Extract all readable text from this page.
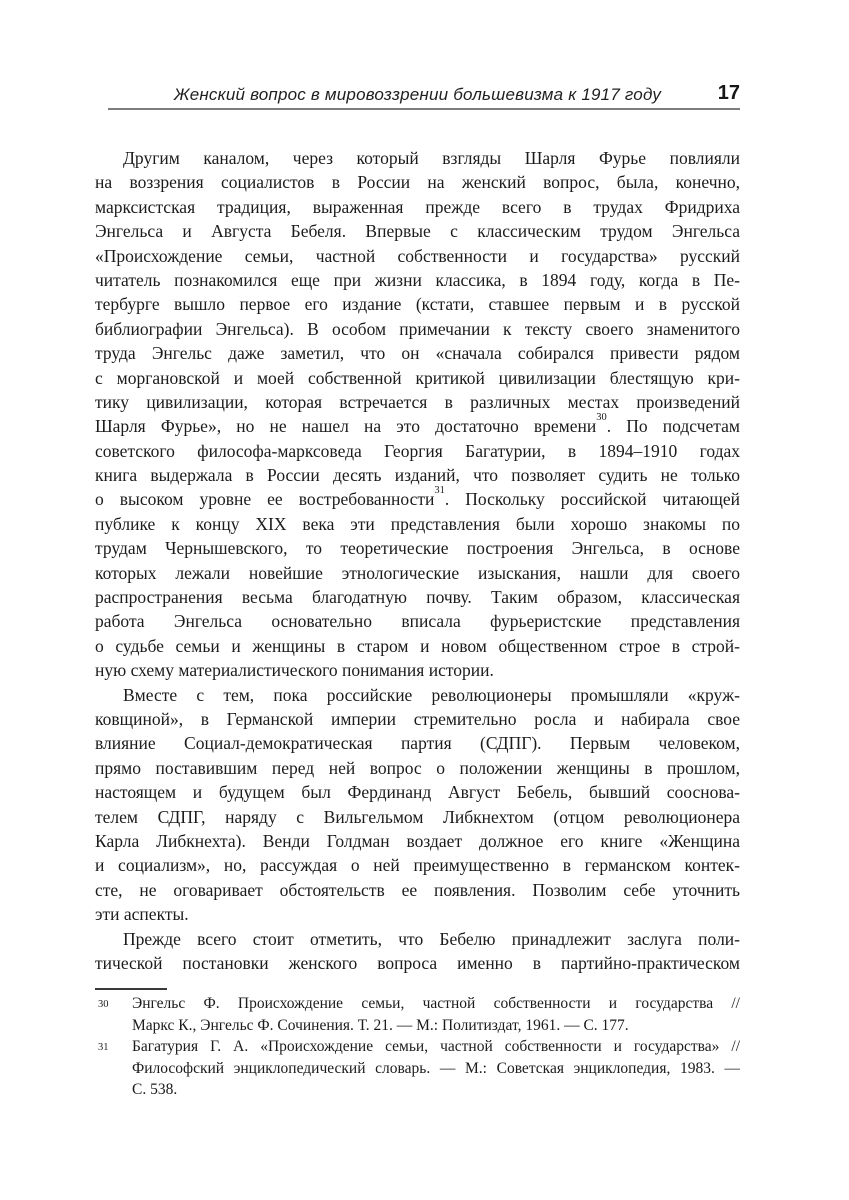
Женский вопрос в мировоззрении большевизма к 1917 году	17
Другим каналом, через который взгляды Шарля Фурье повлияли
на воззрения социалистов в России на женский вопрос, была, конечно,
марксистская традиция, выраженная прежде всего в трудах Фридриха
Энгельса и Августа Бебеля. Впервые с классическим трудом Энгельса
«Происхождение семьи, частной собственности и государства» русский
читатель познакомился еще при жизни классика, в 1894 году, когда в Пе-
тербурге вышло первое его издание (кстати, ставшее первым и в русской
библиографии Энгельса). В особом примечании к тексту своего знаменитого
труда Энгельс даже заметил, что он «сначала собирался привести рядом
с моргановской и моей собственной критикой цивилизации блестящую кри-
тику цивилизации, которая встречается в различных местах произведений
Шарля Фурье», но не нашел на это достаточно времени$^{30}$. По подсчетам
советского философа-марксоведа Георгия Багатурии, в 1894–1910 годах
книга выдержала в России десять изданий, что позволяет судить не только
о высоком уровне ее востребованности$^{31}$. Поскольку российской читающей
публике к концу XIX века эти представления были хорошо знакомы по
трудам Чернышевского, то теоретические построения Энгельса, в основе
которых лежали новейшие этнологические изыскания, нашли для своего
распространения весьма благодатную почву. Таким образом, классическая
работа Энгельса основательно вписала фурьеристские представления
о судьбе семьи и женщины в старом и новом общественном строе в строй-
ную схему материалистического понимания истории.
Вместе с тем, пока российские революционеры промышляли «круж-
ковщиной», в Германской империи стремительно росла и набирала свое
влияние Социал-демократическая партия (СДПГ). Первым человеком,
прямо поставившим перед ней вопрос о положении женщины в прошлом,
настоящем и будущем был Фердинанд Август Бебель, бывший сооснова-
телем СДПГ, наряду с Вильгельмом Либкнехтом (отцом революционера
Карла Либкнехта). Венди Голдман воздает должное его книге «Женщина
и социализм», но, рассуждая о ней преимущественно в германском контек-
сте, не оговаривает обстоятельств ее появления. Позволим себе уточнить
эти аспекты.
Прежде всего стоит отметить, что Бебелю принадлежит заслуга поли-
тической постановки женского вопроса именно в партийно-практическом
30 Энгельс Ф. Происхождение семьи, частной собственности и государства //
Маркс К., Энгельс Ф. Сочинения. Т. 21. — М.: Политиздат, 1961. — С. 177.
31 Багатурия Г. А. «Происхождение семьи, частной собственности и государства» //
Философский энциклопедический словарь. — М.: Советская энциклопедия, 1983. —
С. 538.
